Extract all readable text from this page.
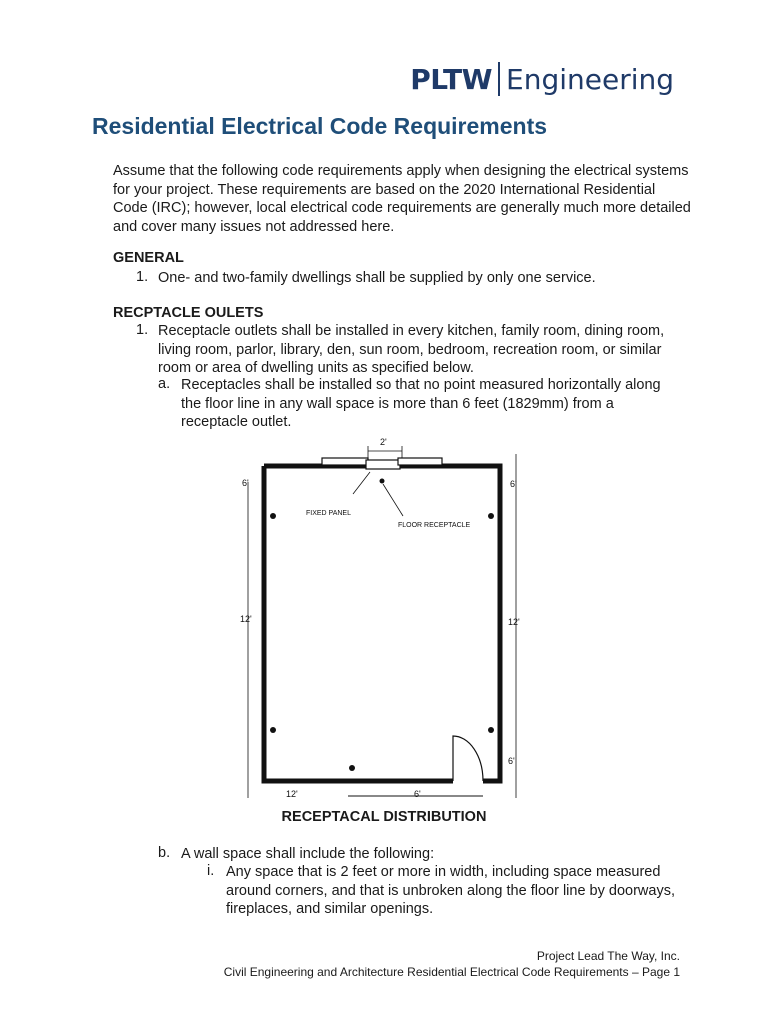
PLTW Engineering
Residential Electrical Code Requirements

Assume that the following code requirements apply when designing the electrical systems for your project. These requirements are based on the 2020 International Residential Code (IRC); however, local electrical code requirements are generally much more detailed and cover many issues not addressed here.

GENERAL
1. One- and two-family dwellings shall be supplied by only one service.

RECPTACLE OULETS
1. Receptacle outlets shall be installed in every kitchen, family room, dining room, living room, parlor, library, den, sun room, bedroom, recreation room, or similar room or area of dwelling units as specified below.

a. Receptacles shall be installed so that no point measured horizontally along the floor line in any wall space is more than 6 feet (1829mm) from a receptacle outlet.

2'
6'	6'
12'	12'
6'
12'	6'
FIXED PANEL
FLOOR RECEPTACLE
RECEPTACAL DISTRIBUTION
b. A wall space shall include the following:

i. Any space that is 2 feet or more in width, including space measured around corners, and that is unbroken along the floor line by doorways, fireplaces, and similar openings.

Project Lead The Way, Inc.
Civil Engineering and Architecture Residential Electrical Code Requirements – Page 1
